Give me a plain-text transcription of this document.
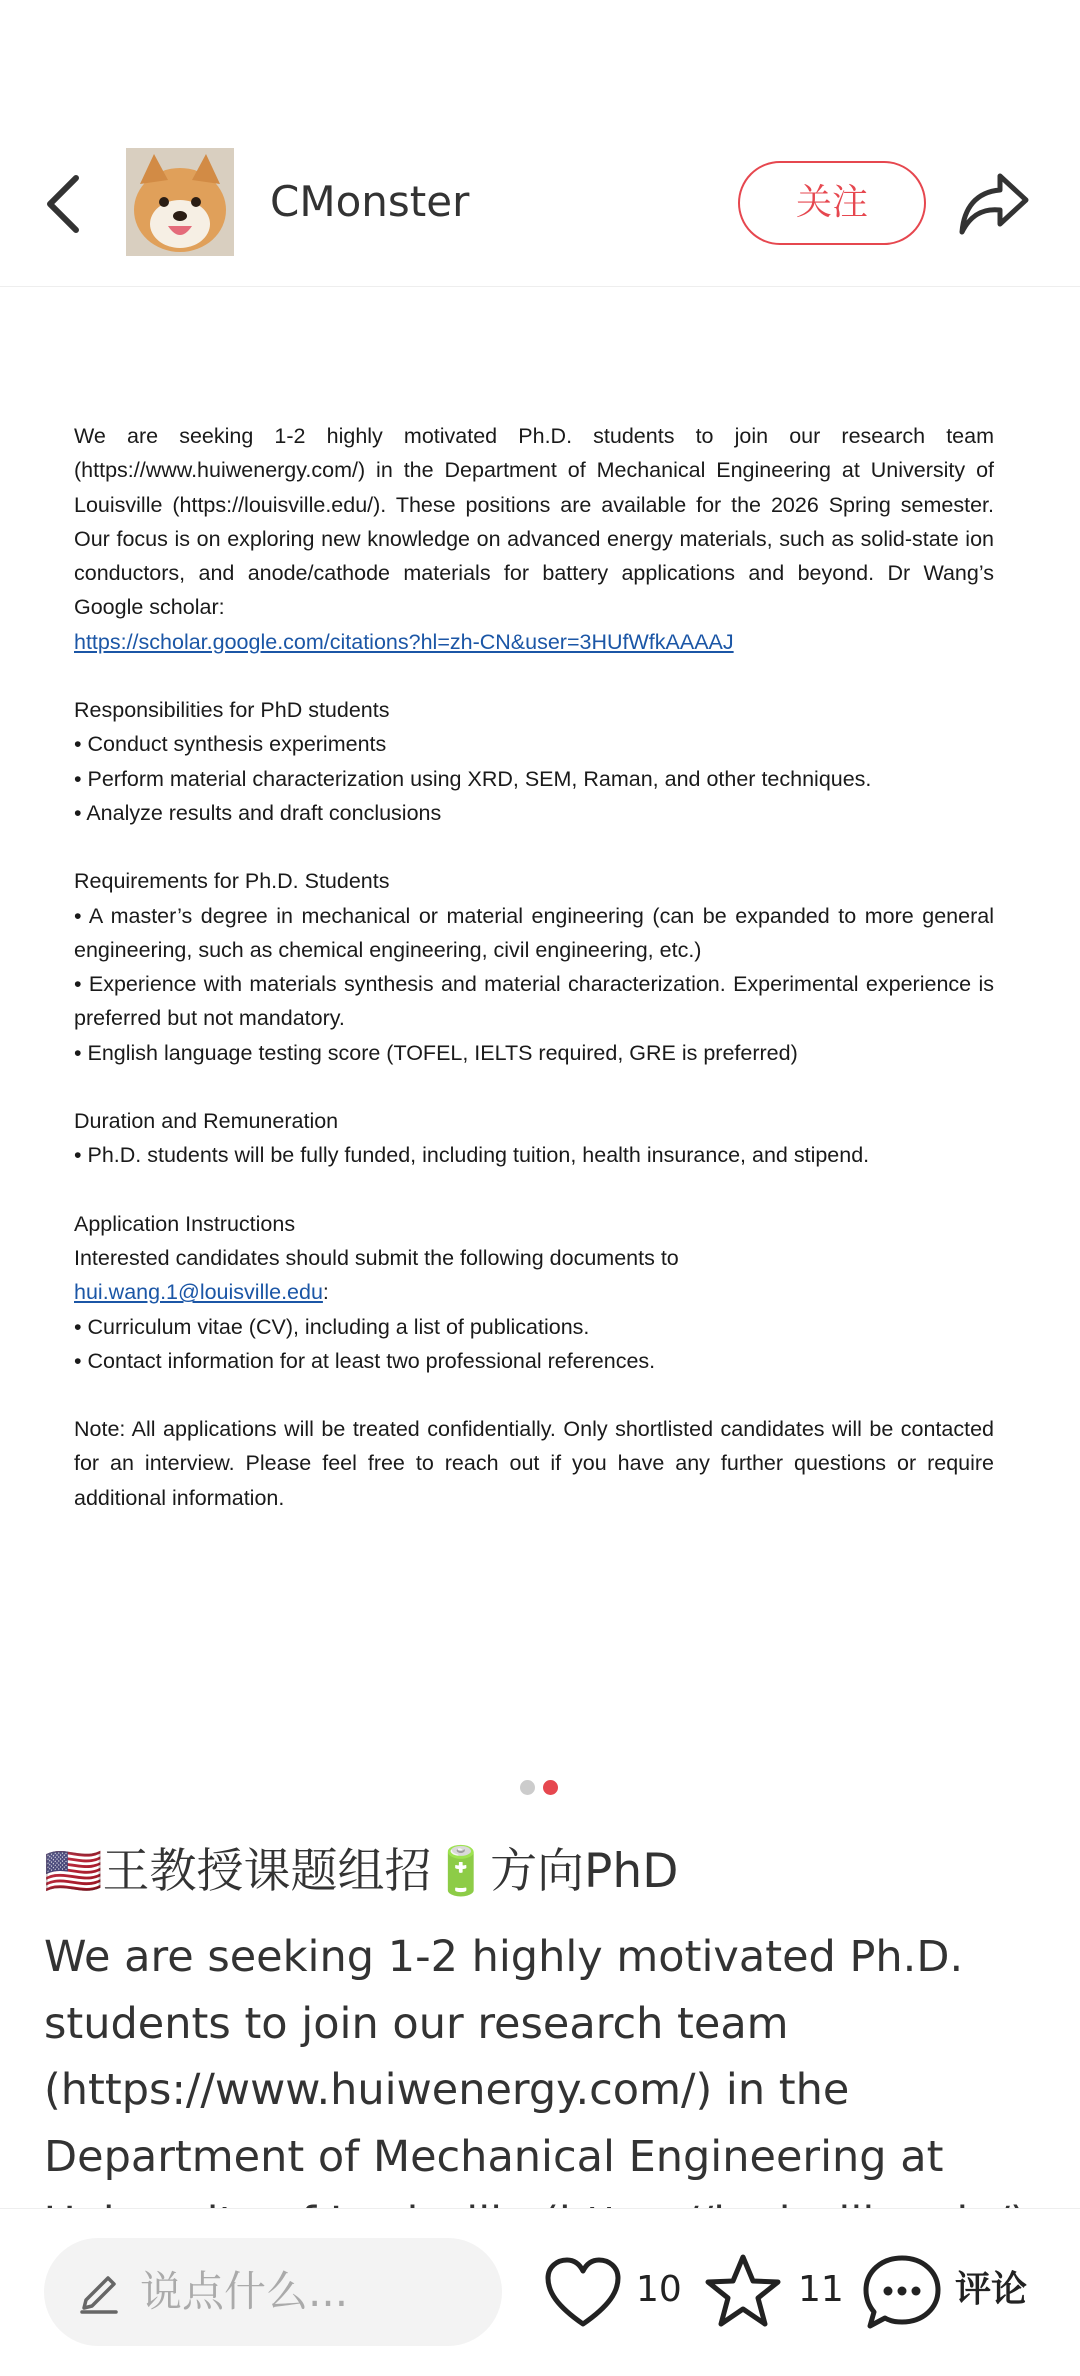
CMonster	关注

We are seeking 1-2 highly motivated Ph.D. students to join our research team (https://www.huiwenergy.com/) in the Department of Mechanical Engineering at University of Louisville (https://louisville.edu/). These positions are available for the 2026 Spring semester. Our focus is on exploring new knowledge on advanced energy materials, such as solid-state ion conductors, and anode/cathode materials for battery applications and beyond. Dr Wang’s Google scholar:

https://scholar.google.com/citations?hl=zh-CN&user=3HUfWfkAAAAJ

Responsibilities for PhD students

• Conduct synthesis experiments

• Perform material characterization using XRD, SEM, Raman, and other techniques.

• Analyze results and draft conclusions

Requirements for Ph.D. Students

• A master’s degree in mechanical or material engineering (can be expanded to more general engineering, such as chemical engineering, civil engineering, etc.)

• Experience with materials synthesis and material characterization. Experimental experience is preferred but not mandatory.

• English language testing score (TOFEL, IELTS required, GRE is preferred)

Duration and Remuneration

• Ph.D. students will be fully funded, including tuition, health insurance, and stipend.

Application Instructions

Interested candidates should submit the following documents to

hui.wang.1@louisville.edu:

• Curriculum vitae (CV), including a list of publications.

• Contact information for at least two professional references.

Note: All applications will be treated confidentially. Only shortlisted candidates will be contacted for an interview. Please feel free to reach out if you have any further questions or require additional information.

🇺🇸王教授课题组招🔋方向PhD
We are seeking 1-2 highly motivated Ph.D. students to join our research team (https://www.huiwenergy.com/) in the Department of Mechanical Engineering at
说点什么...	10	11	评论
